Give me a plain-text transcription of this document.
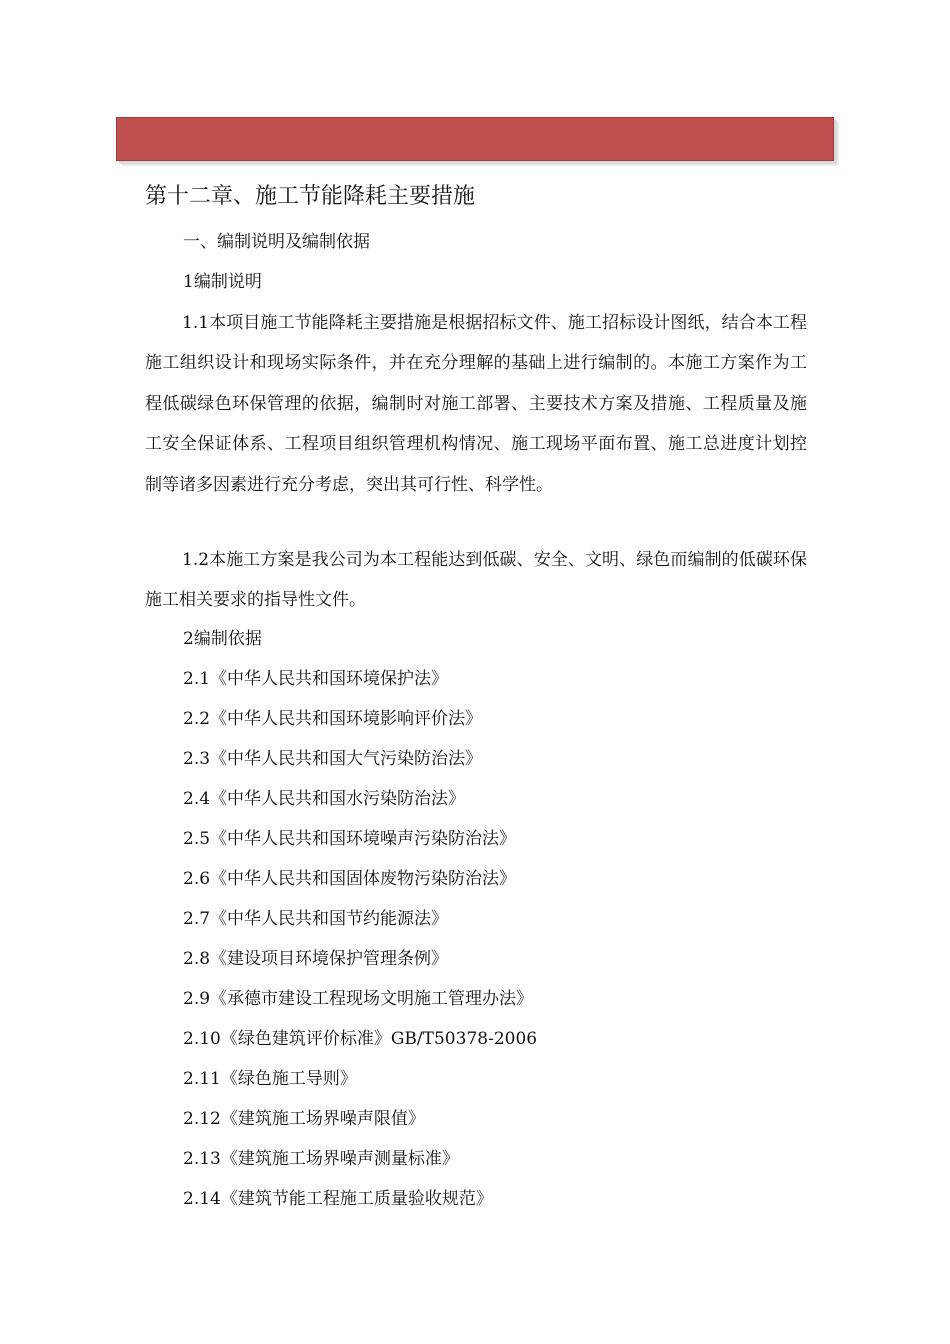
第十二章、施工节能降耗主要措施
一、编制说明及编制依据
1编制说明
1.1本项目施工节能降耗主要措施是根据招标文件、施工招标设计图纸，结合本工程施工组织设计和现场实际条件，并在充分理解的基础上进行编制的。本施工方案作为工程低碳绿色环保管理的依据，编制时对施工部署、主要技术方案及措施、工程质量及施工安全保证体系、工程项目组织管理机构情况、施工现场平面布置、施工总进度计划控制等诸多因素进行充分考虑，突出其可行性、科学性。
1.2本施工方案是我公司为本工程能达到低碳、安全、文明、绿色而编制的低碳环保施工相关要求的指导性文件。
2编制依据
2.1《中华人民共和国环境保护法》
2.2《中华人民共和国环境影响评价法》
2.3《中华人民共和国大气污染防治法》
2.4《中华人民共和国水污染防治法》
2.5《中华人民共和国环境噪声污染防治法》
2.6《中华人民共和国固体废物污染防治法》
2.7《中华人民共和国节约能源法》
2.8《建设项目环境保护管理条例》
2.9《承德市建设工程现场文明施工管理办法》
2.10《绿色建筑评价标准》GB/T50378-2006
2.11《绿色施工导则》
2.12《建筑施工场界噪声限值》
2.13《建筑施工场界噪声测量标准》
2.14《建筑节能工程施工质量验收规范》
